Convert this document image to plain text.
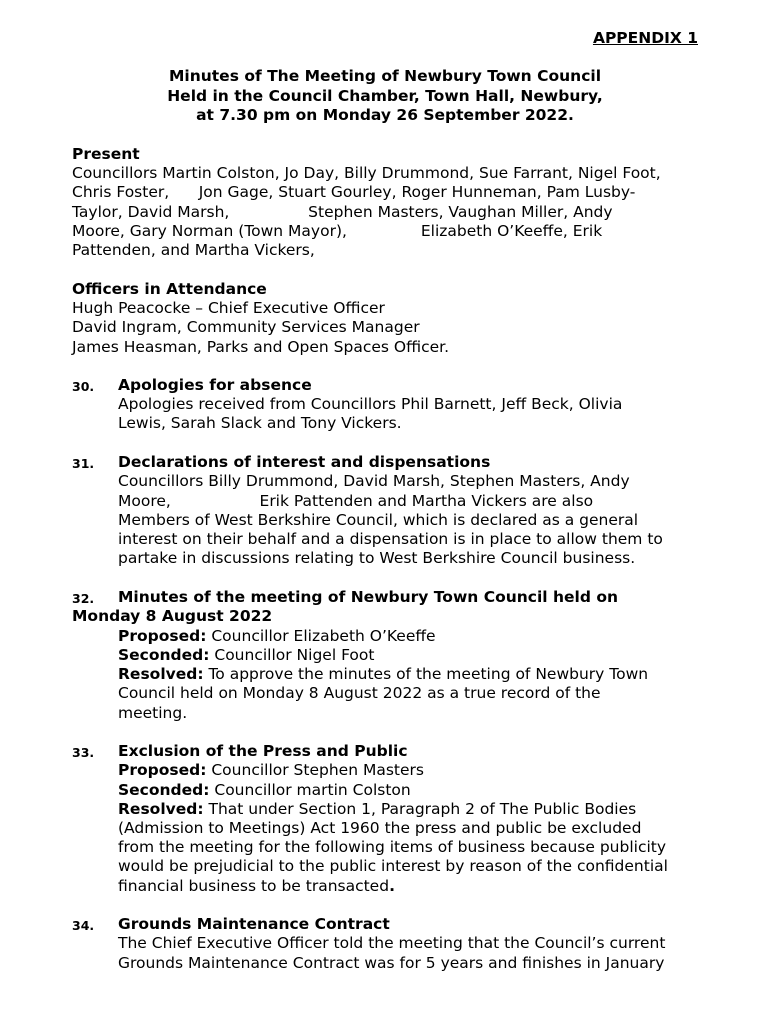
APPENDIX 1
Minutes of The Meeting of Newbury Town Council
Held in the Council Chamber, Town Hall, Newbury,
at 7.30 pm on Monday 26 September 2022.
Present
Councillors Martin Colston, Jo Day, Billy Drummond, Sue Farrant, Nigel Foot,
Chris Foster,      Jon Gage, Stuart Gourley, Roger Hunneman, Pam Lusby-
Taylor, David Marsh,                Stephen Masters, Vaughan Miller, Andy
Moore, Gary Norman (Town Mayor),               Elizabeth O’Keeffe, Erik
Pattenden, and Martha Vickers,
Officers in Attendance
Hugh Peacocke – Chief Executive Officer
David Ingram, Community Services Manager
James Heasman, Parks and Open Spaces Officer.
30. Apologies for absence
Apologies received from Councillors Phil Barnett, Jeff Beck, Olivia
Lewis, Sarah Slack and Tony Vickers.
31. Declarations of interest and dispensations
Councillors Billy Drummond, David Marsh, Stephen Masters, Andy
Moore,                  Erik Pattenden and Martha Vickers are also
Members of West Berkshire Council, which is declared as a general
interest on their behalf and a dispensation is in place to allow them to
partake in discussions relating to West Berkshire Council business.
32. Minutes of the meeting of Newbury Town Council held on
Monday 8 August 2022
Proposed: Councillor Elizabeth O’Keeffe
Seconded: Councillor Nigel Foot
Resolved: To approve the minutes of the meeting of Newbury Town
Council held on Monday 8 August 2022 as a true record of the
meeting.
33. Exclusion of the Press and Public
Proposed: Councillor Stephen Masters
Seconded: Councillor martin Colston
Resolved: That under Section 1, Paragraph 2 of The Public Bodies
(Admission to Meetings) Act 1960 the press and public be excluded
from the meeting for the following items of business because publicity
would be prejudicial to the public interest by reason of the confidential
financial business to be transacted.
34. Grounds Maintenance Contract
The Chief Executive Officer told the meeting that the Council’s current
Grounds Maintenance Contract was for 5 years and finishes in January
